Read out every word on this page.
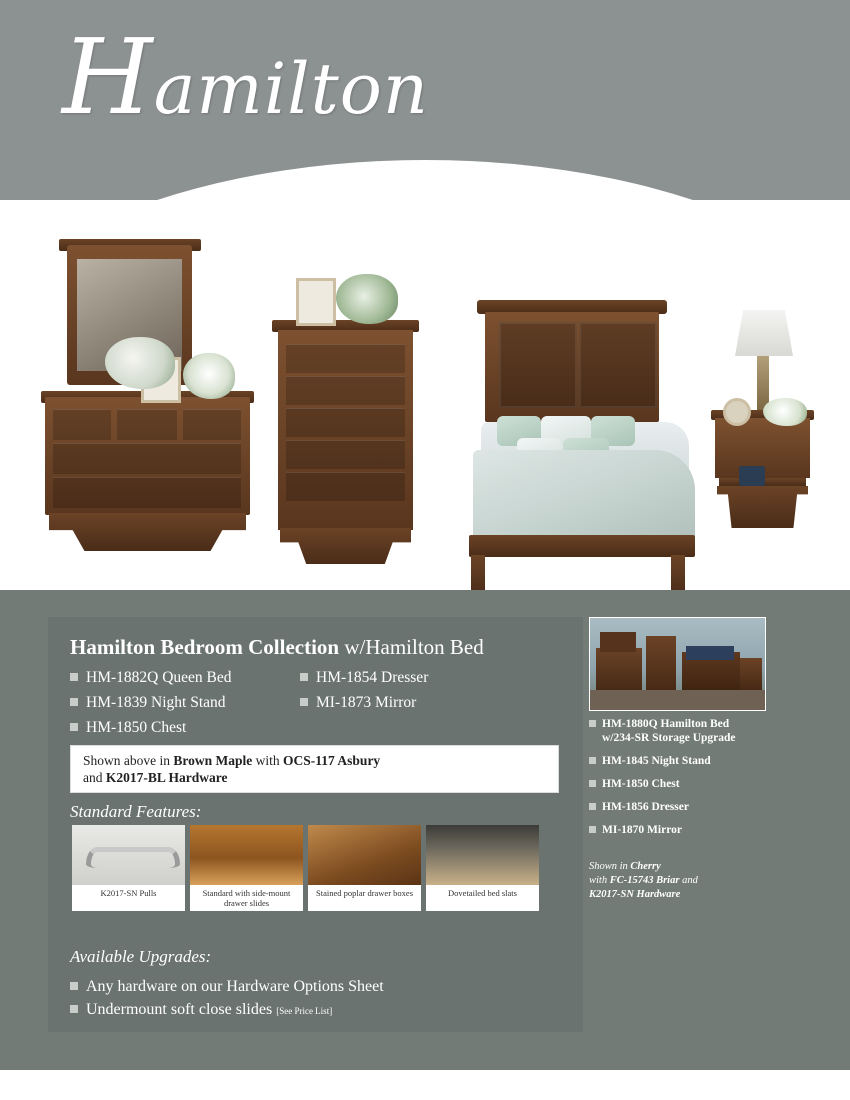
Hamilton
Hamilton Bedroom Collection w/Hamilton Bed
HM-1882Q Queen Bed
HM-1839 Night Stand
HM-1850 Chest
HM-1854 Dresser
MI-1873 Mirror

Shown above in Brown Maple with OCS-117 Asbury
and K2017-BL Hardware

Standard Features:
K2017-SN Pulls	Standard with side-mount drawer slides
Stained poplar drawer boxes	Dovetailed bed slats
Available Upgrades:
Any hardware on our Hardware Options Sheet
Undermount soft close slides [See Price List]
HM-1880Q Hamilton Bed
w/234-SR Storage Upgrade
HM-1845 Night Stand
HM-1850 Chest
HM-1856 Dresser
MI-1870 Mirror
Shown in Cherry
with FC-15743 Briar and
K2017-SN Hardware
74
